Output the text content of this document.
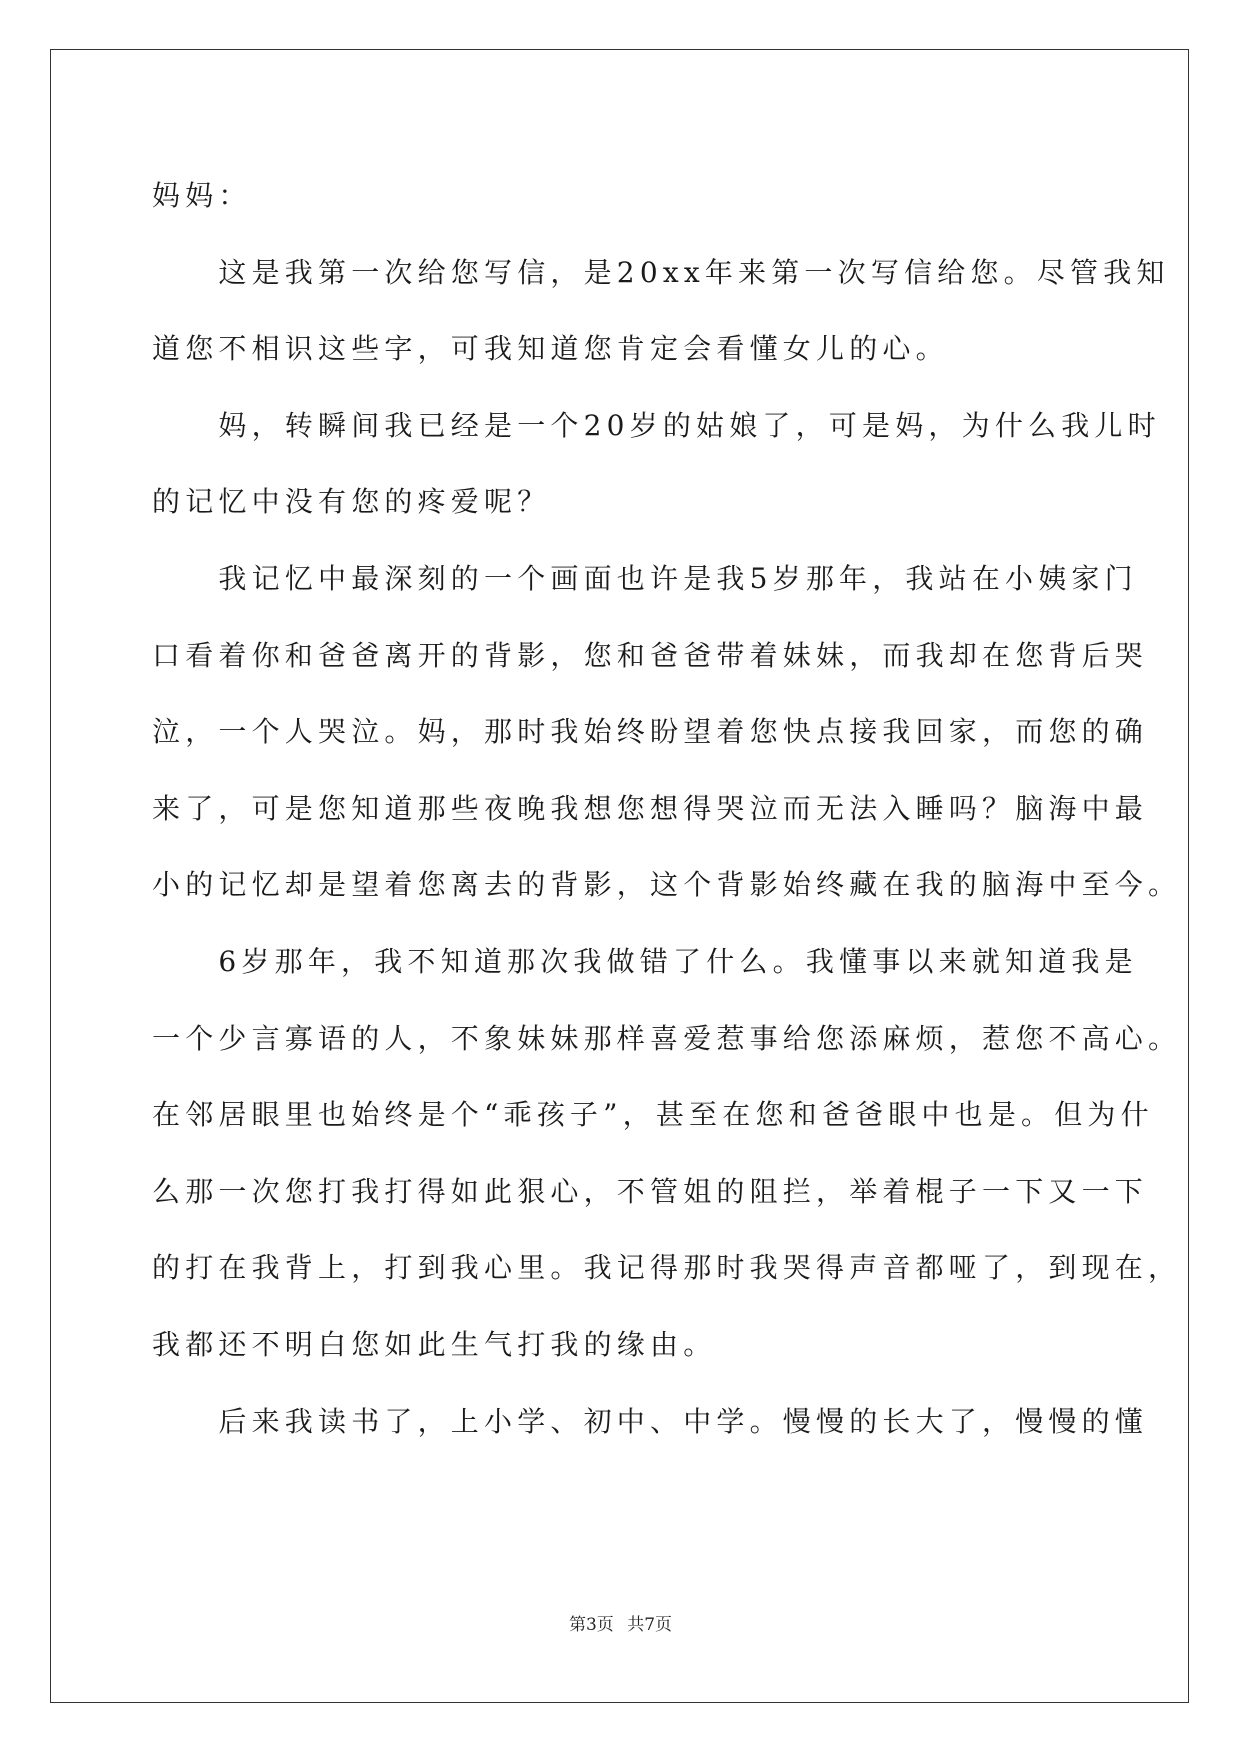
妈妈：
　　这是我第一次给您写信，是20xx年来第一次写信给您。尽管我知
道您不相识这些字，可我知道您肯定会看懂女儿的心。
　　妈，转瞬间我已经是一个20岁的姑娘了，可是妈，为什么我儿时
的记忆中没有您的疼爱呢？
　　我记忆中最深刻的一个画面也许是我5岁那年，我站在小姨家门
口看着你和爸爸离开的背影，您和爸爸带着妹妹，而我却在您背后哭
泣，一个人哭泣。妈，那时我始终盼望着您快点接我回家，而您的确
来了，可是您知道那些夜晚我想您想得哭泣而无法入睡吗？脑海中最
小的记忆却是望着您离去的背影，这个背影始终藏在我的脑海中至今。
　　6岁那年，我不知道那次我做错了什么。我懂事以来就知道我是
一个少言寡语的人，不象妹妹那样喜爱惹事给您添麻烦，惹您不高心。
在邻居眼里也始终是个“乖孩子”，甚至在您和爸爸眼中也是。但为什
么那一次您打我打得如此狠心，不管姐的阻拦，举着棍子一下又一下
的打在我背上，打到我心里。我记得那时我哭得声音都哑了，到现在，
我都还不明白您如此生气打我的缘由。
　　后来我读书了，上小学、初中、中学。慢慢的长大了，慢慢的懂
第3页 共7页
